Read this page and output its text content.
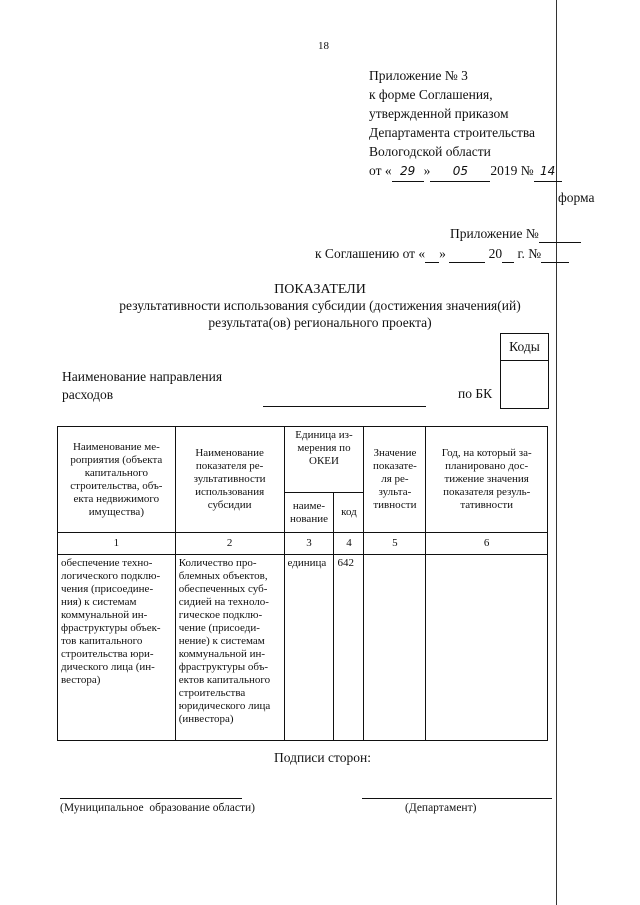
18
Приложение № 3
к форме Соглашения,
утвержденной приказом
Департамента строительства
Вологодской области
от « 29 » 05 2019 № 14
форма
Приложение №
к Соглашению от « »	20 г. №
ПОКАЗАТЕЛИ
результативности использования субсидии (достижения значения(ий)
результата(ов) регионального проекта)
Коды
Наименование направления
расходов	по БК
Наименование ме- роприятия (объекта капитального строительства, объ- екта недвижимого имущества)	Наименование показателя ре- зультативности использования субсидии	Единица из- мерения по ОКЕИ		Значение показате- ля ре- зульта- тивности	Год, на который за- планировано дос- тижение значения показателя резуль- тативности
		наиме- нование	код		
1	2	3	4	5	6
обеспечение техно- логического подклю- чения (присоедине- ния) к системам коммунальной ин- фраструктуры объек- тов капитального строительства юри- дического лица (ин- вестора)	Количество про- блемных объектов, обеспеченных суб- сидией на техноло- гическое подклю- чение (присоеди- нение) к системам коммунальной ин- фраструктуры объ- ектов капитального строительства юридического лица (инвестора)	единица	642		
Подписи сторон:
(Муниципальное  образование области)	(Департамент)
